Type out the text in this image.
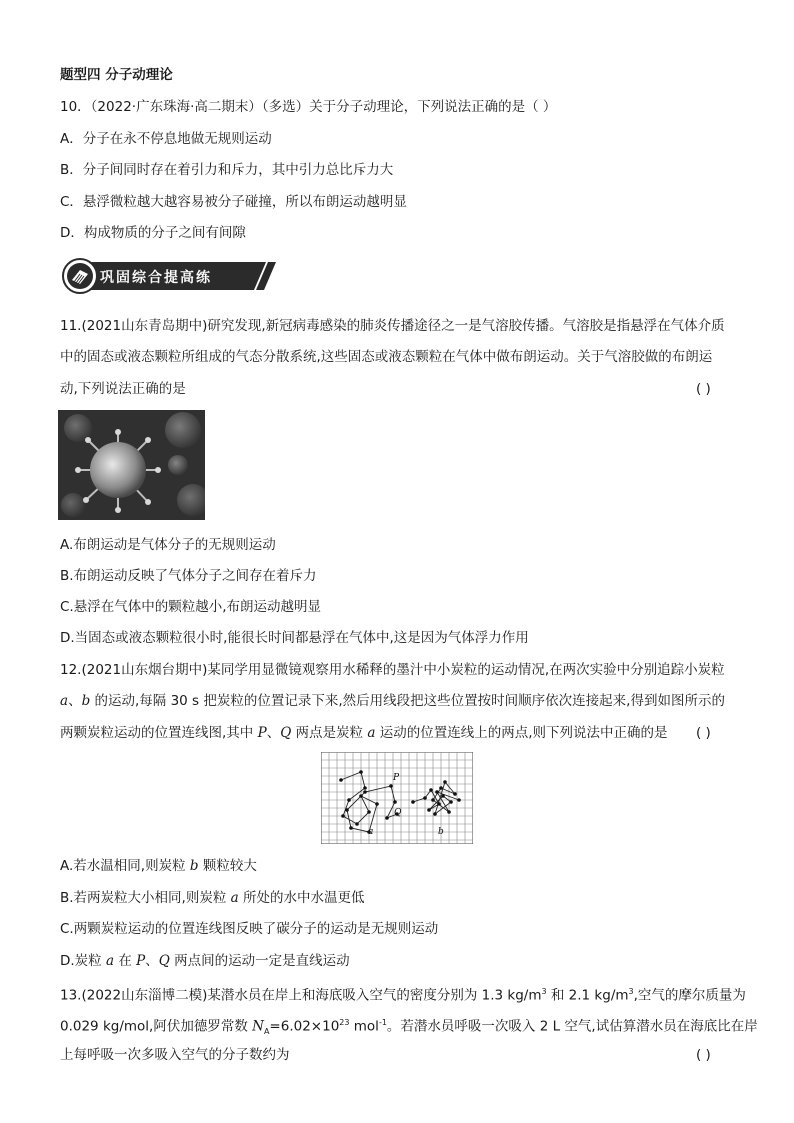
题型四 分子动理论
10．（2022·广东珠海·高二期末）（多选）关于分子动理论，下列说法正确的是（ ）
A．分子在永不停息地做无规则运动
B．分子间同时存在着引力和斥力，其中引力总比斥力大
C．悬浮微粒越大越容易被分子碰撞，所以布朗运动越明显
D．构成物质的分子之间有间隙
巩固综合提高练
11.(2021山东青岛期中)研究发现,新冠病毒感染的肺炎传播途径之一是气溶胶传播。气溶胶是指悬浮在气体介质
中的固态或液态颗粒所组成的气态分散系统,这些固态或液态颗粒在气体中做布朗运动。关于气溶胶做的布朗运
动,下列说法正确的是	( )
A.布朗运动是气体分子的无规则运动
B.布朗运动反映了气体分子之间存在着斥力
C.悬浮在气体中的颗粒越小,布朗运动越明显
D.当固态或液态颗粒很小时,能很长时间都悬浮在气体中,这是因为气体浮力作用
12.(2021山东烟台期中)某同学用显微镜观察用水稀释的墨汁中小炭粒的运动情况,在两次实验中分别追踪小炭粒
a、b 的运动,每隔 30 s 把炭粒的位置记录下来,然后用线段把这些位置按时间顺序依次连接起来,得到如图所示的
两颗炭粒运动的位置连线图,其中 P、Q 两点是炭粒 a 运动的位置连线上的两点,则下列说法中正确的是 ( )
P
Q
a	b
A.若水温相同,则炭粒 b 颗粒较大
B.若两炭粒大小相同,则炭粒 a 所处的水中水温更低
C.两颗炭粒运动的位置连线图反映了碳分子的运动是无规则运动
D.炭粒 a 在 P、Q 两点间的运动一定是直线运动
13.(2022山东淄博二模)某潜水员在岸上和海底吸入空气的密度分别为 1.3 $kg/m^3$ 和 2.1 $kg/m^3$,空气的摩尔质量为
0.029 kg/mol,阿伏加德罗常数 $N_A=6.02\times 10^{23}$ mol$^{-1}$。若潜水员呼吸一次吸入 2 L 空气,试估算潜水员在海底比在岸
上每呼吸一次多吸入空气的分子数约为	( )
